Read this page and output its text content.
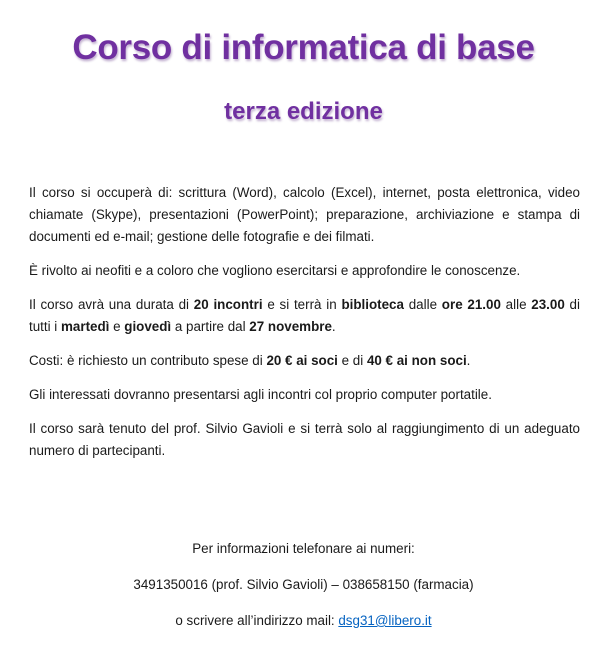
Corso di informatica di base
terza edizione

Il corso si occuperà di: scrittura (Word), calcolo (Excel), internet, posta elettronica, video chiamate (Skype), presentazioni (PowerPoint); preparazione, archiviazione e stampa di documenti ed e-mail; gestione delle fotografie e dei filmati.

È rivolto ai neofiti e a coloro che vogliono esercitarsi e approfondire le conoscenze.

Il corso avrà una durata di 20 incontri e si terrà in biblioteca dalle ore 21.00 alle 23.00 di tutti i martedì e giovedì a partire dal 27 novembre.

Costi: è richiesto un contributo spese di 20 € ai soci e di 40 € ai non soci.

Gli interessati dovranno presentarsi agli incontri col proprio computer portatile.

Il corso sarà tenuto del prof. Silvio Gavioli e si terrà solo al raggiungimento di un adeguato numero di partecipanti.

Per informazioni telefonare ai numeri:

3491350016 (prof. Silvio Gavioli) – 038658150 (farmacia)

o scrivere all’indirizzo mail: dsg31@libero.it
